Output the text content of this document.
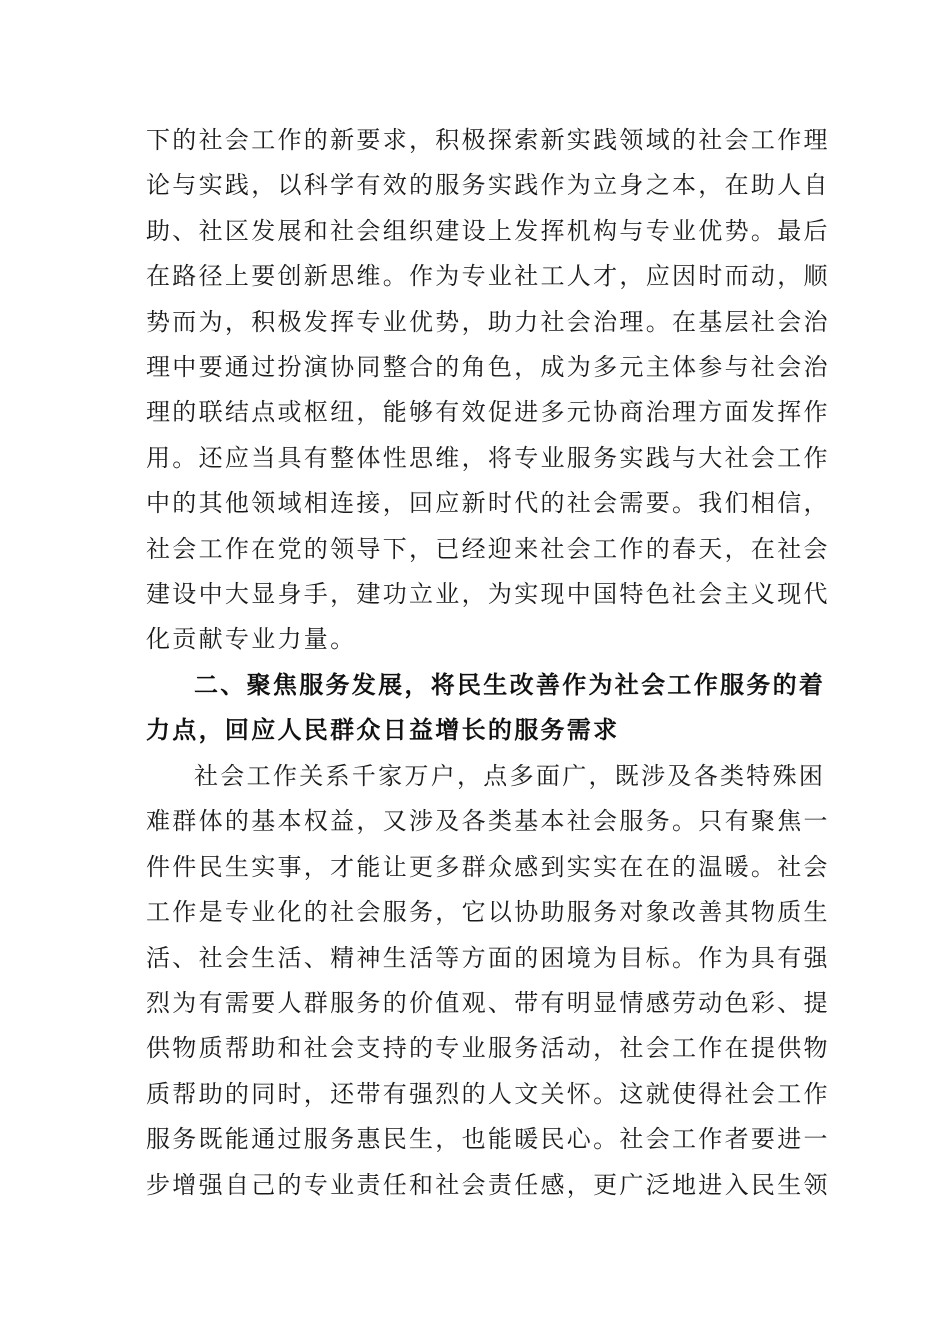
下的社会工作的新要求，积极探索新实践领域的社会工作理
论与实践，以科学有效的服务实践作为立身之本，在助人自
助、社区发展和社会组织建设上发挥机构与专业优势。最后
在路径上要创新思维。作为专业社工人才，应因时而动，顺
势而为，积极发挥专业优势，助力社会治理。在基层社会治
理中要通过扮演协同整合的角色，成为多元主体参与社会治
理的联结点或枢纽，能够有效促进多元协商治理方面发挥作
用。还应当具有整体性思维，将专业服务实践与大社会工作
中的其他领域相连接，回应新时代的社会需要。我们相信，
社会工作在党的领导下，已经迎来社会工作的春天，在社会
建设中大显身手，建功立业，为实现中国特色社会主义现代
化贡献专业力量。
二、聚焦服务发展，将民生改善作为社会工作服务的着
力点，回应人民群众日益增长的服务需求
社会工作关系千家万户，点多面广，既涉及各类特殊困
难群体的基本权益，又涉及各类基本社会服务。只有聚焦一
件件民生实事，才能让更多群众感到实实在在的温暖。社会
工作是专业化的社会服务，它以协助服务对象改善其物质生
活、社会生活、精神生活等方面的困境为目标。作为具有强
烈为有需要人群服务的价值观、带有明显情感劳动色彩、提
供物质帮助和社会支持的专业服务活动，社会工作在提供物
质帮助的同时，还带有强烈的人文关怀。这就使得社会工作
服务既能通过服务惠民生，也能暖民心。社会工作者要进一
步增强自己的专业责任和社会责任感，更广泛地进入民生领
